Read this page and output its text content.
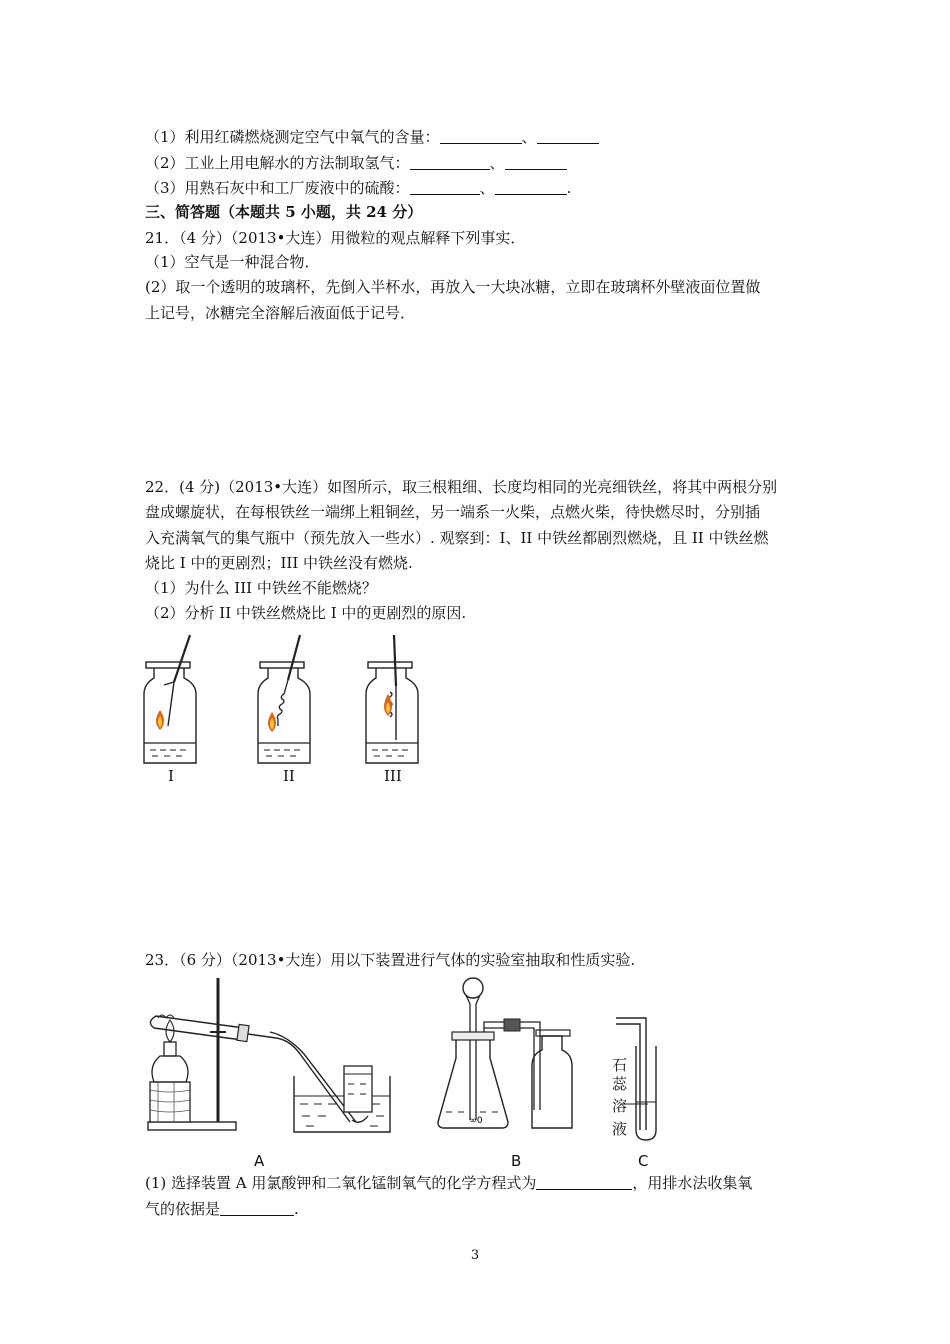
（1）利用红磷燃烧测定空气中氧气的含量：	、
（2）工业上用电解水的方法制取氢气：	、
（3）用熟石灰中和工厂废液中的硫酸：	、	.
三、简答题（本题共 5 小题，共 24 分）
21．（4 分）（2013•大连）用微粒的观点解释下列事实．
（1）空气是一种混合物．
(2）取一个透明的玻璃杯，先倒入半杯水，再放入一大块冰糖，立即在玻璃杯外壁液面位置做
上记号，冰糖完全溶解后液面低于记号．
22．(4 分)（2013•大连）如图所示，取三根粗细、长度均相同的光亮细铁丝，将其中两根分别
盘成螺旋状，在每根铁丝一端绑上粗铜丝，另一端系一火柴，点燃火柴，待快燃尽时，分别插
入充满氧气的集气瓶中（预先放入一些水）. 观察到：I、II 中铁丝都剧烈燃烧，且 II 中铁丝燃
烧比 I 中的更剧烈；III 中铁丝没有燃烧.
（1）为什么 III 中铁丝不能燃烧？
（2）分析 II 中铁丝燃烧比 I 中的更剧烈的原因.
I	II	III
23．（6 分）（2013•大连）用以下装置进行气体的实验室抽取和性质实验.
∞0
石
蕊
溶
液
A	B	C
(1) 选择装置 A 用氯酸钾和二氧化锰制氧气的化学方程式为	，用排水法收集氧
气的依据是	.
3
